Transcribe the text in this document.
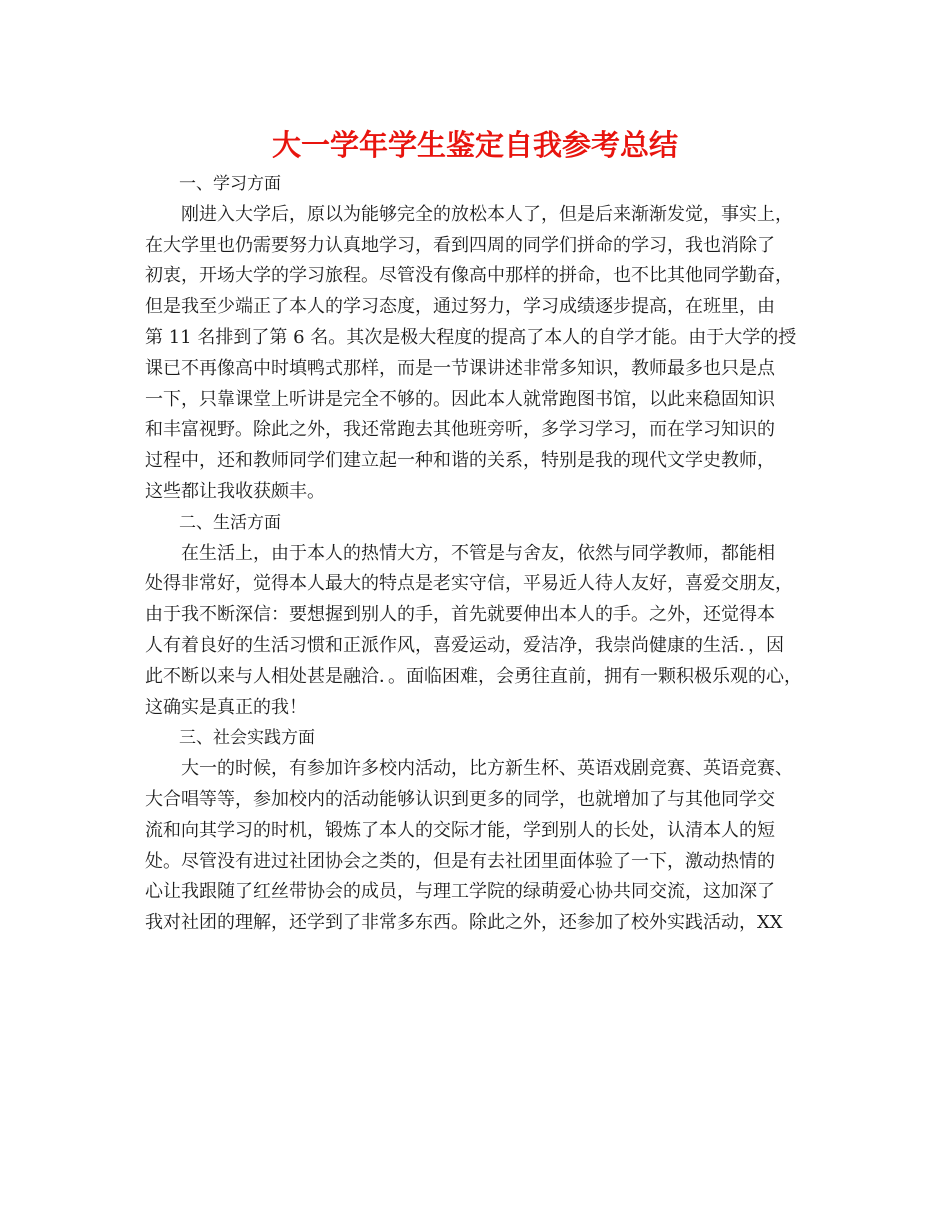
大一学年学生鉴定自我参考总结

一、学习方面

刚进入大学后，原以为能够完全的放松本人了，但是后来渐渐发觉，事实上，

在大学里也仍需要努力认真地学习，看到四周的同学们拼命的学习，我也消除了

初衷，开场大学的学习旅程。尽管没有像高中那样的拼命，也不比其他同学勤奋，

但是我至少端正了本人的学习态度，通过努力，学习成绩逐步提高，在班里，由

第 11 名排到了第 6 名。其次是极大程度的提高了本人的自学才能。由于大学的授

课已不再像高中时填鸭式那样，而是一节课讲述非常多知识，教师最多也只是点

一下，只靠课堂上听讲是完全不够的。因此本人就常跑图书馆，以此来稳固知识

和丰富视野。除此之外，我还常跑去其他班旁听，多学习学习，而在学习知识的

过程中，还和教师同学们建立起一种和谐的关系，特别是我的现代文学史教师，

这些都让我收获颇丰。

二、生活方面

在生活上，由于本人的热情大方，不管是与舍友，依然与同学教师，都能相

处得非常好，觉得本人最大的特点是老实守信，平易近人待人友好，喜爱交朋友，

由于我不断深信：要想握到别人的手，首先就要伸出本人的手。之外，还觉得本

人有着良好的生活习惯和正派作风，喜爱运动，爱洁净，我崇尚健康的生活．，因

此不断以来与人相处甚是融洽．。面临困难，会勇往直前，拥有一颗积极乐观的心，

这确实是真正的我！

三、社会实践方面

大一的时候，有参加许多校内活动，比方新生杯、英语戏剧竞赛、英语竞赛、

大合唱等等，参加校内的活动能够认识到更多的同学，也就增加了与其他同学交

流和向其学习的时机，锻炼了本人的交际才能，学到别人的长处，认清本人的短

处。尽管没有进过社团协会之类的，但是有去社团里面体验了一下，激动热情的

心让我跟随了红丝带协会的成员，与理工学院的绿萌爱心协共同交流，这加深了

我对社团的理解，还学到了非常多东西。除此之外，还参加了校外实践活动，XX
